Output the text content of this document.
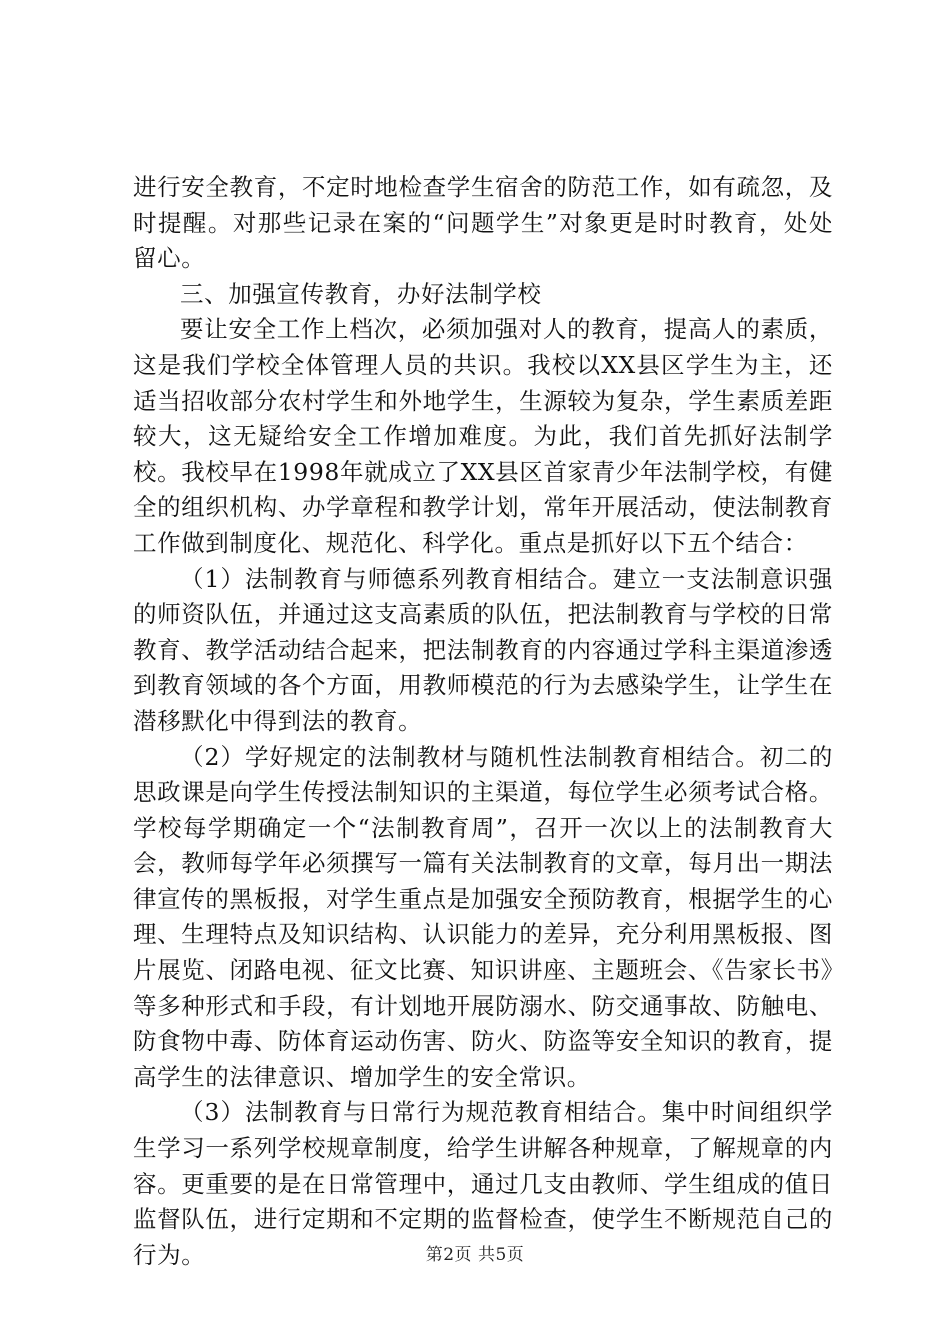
进行安全教育，不定时地检查学生宿舍的防范工作，如有疏忽，及时提醒。对那些记录在案的“问题学生”对象更是时时教育，处处留心。

三、加强宣传教育，办好法制学校

要让安全工作上档次，必须加强对人的教育，提高人的素质，这是我们学校全体管理人员的共识。我校以XX县区学生为主，还适当招收部分农村学生和外地学生，生源较为复杂，学生素质差距较大，这无疑给安全工作增加难度。为此，我们首先抓好法制学校。我校早在1998年就成立了XX县区首家青少年法制学校，有健全的组织机构、办学章程和教学计划，常年开展活动，使法制教育工作做到制度化、规范化、科学化。重点是抓好以下五个结合：

（1）法制教育与师德系列教育相结合。建立一支法制意识强的师资队伍，并通过这支高素质的队伍，把法制教育与学校的日常教育、教学活动结合起来，把法制教育的内容通过学科主渠道渗透到教育领域的各个方面，用教师模范的行为去感染学生，让学生在潜移默化中得到法的教育。

（2）学好规定的法制教材与随机性法制教育相结合。初二的思政课是向学生传授法制知识的主渠道，每位学生必须考试合格。学校每学期确定一个“法制教育周”，召开一次以上的法制教育大会，教师每学年必须撰写一篇有关法制教育的文章，每月出一期法律宣传的黑板报，对学生重点是加强安全预防教育，根据学生的心理、生理特点及知识结构、认识能力的差异，充分利用黑板报、图片展览、闭路电视、征文比赛、知识讲座、主题班会、《告家长书》等多种形式和手段，有计划地开展防溺水、防交通事故、防触电、防食物中毒、防体育运动伤害、防火、防盗等安全知识的教育，提高学生的法律意识、增加学生的安全常识。

（3）法制教育与日常行为规范教育相结合。集中时间组织学生学习一系列学校规章制度，给学生讲解各种规章，了解规章的内容。更重要的是在日常管理中，通过几支由教师、学生组成的值日监督队伍，进行定期和不定期的监督检查，使学生不断规范自己的行为。	第2页 共5页
